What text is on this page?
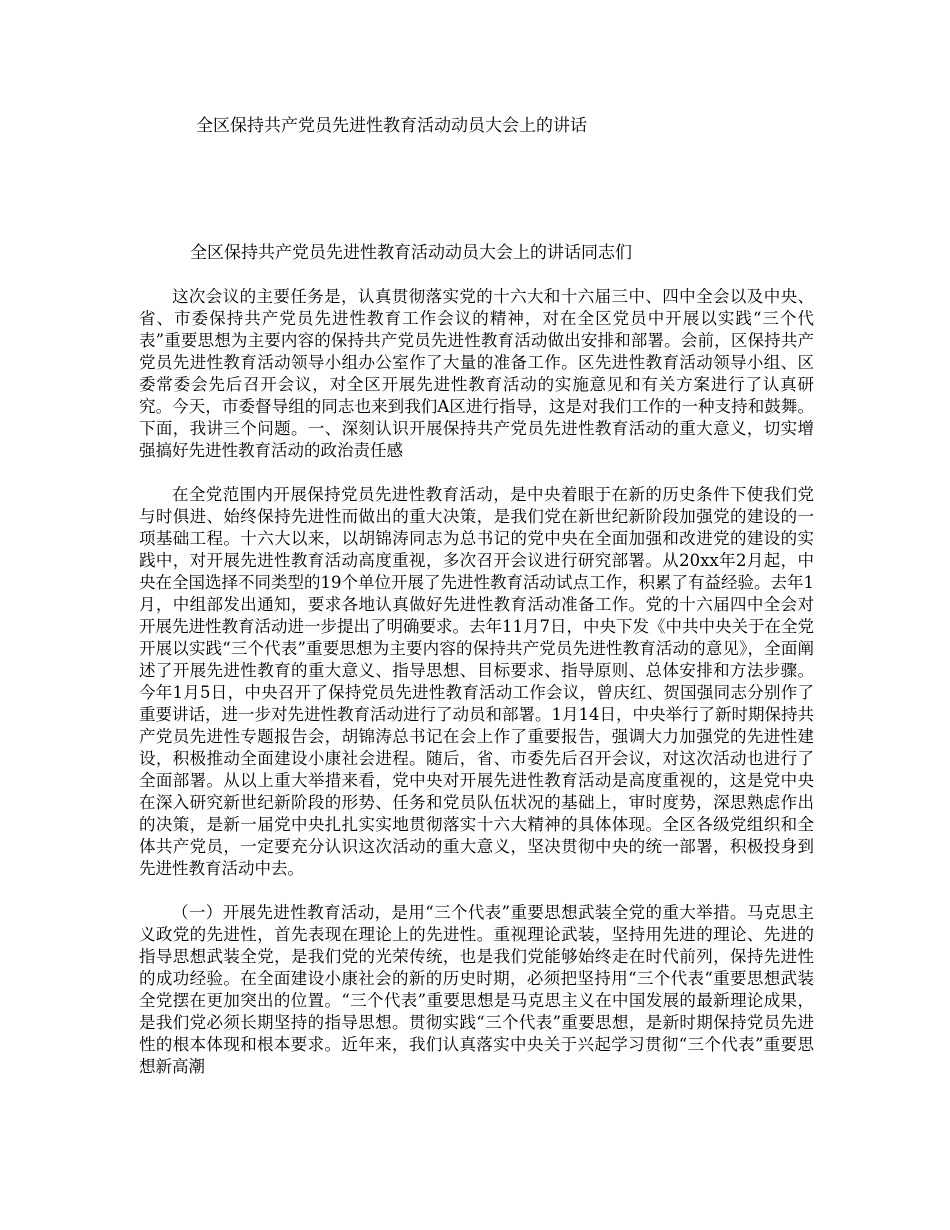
全区保持共产党员先进性教育活动动员大会上的讲话
全区保持共产党员先进性教育活动动员大会上的讲话同志们

这次会议的主要任务是，认真贯彻落实党的十六大和十六届三中、四中全会以及中央、省、市委保持共产党员先进性教育工作会议的精神，对在全区党员中开展以实践“三个代表”重要思想为主要内容的保持共产党员先进性教育活动做出安排和部署。会前，区保持共产党员先进性教育活动领导小组办公室作了大量的准备工作。区先进性教育活动领导小组、区委常委会先后召开会议，对全区开展先进性教育活动的实施意见和有关方案进行了认真研究。今天，市委督导组的同志也来到我们A区进行指导，这是对我们工作的一种支持和鼓舞。下面，我讲三个问题。一、深刻认识开展保持共产党员先进性教育活动的重大意义，切实增强搞好先进性教育活动的政治责任感

在全党范围内开展保持党员先进性教育活动，是中央着眼于在新的历史条件下使我们党与时俱进、始终保持先进性而做出的重大决策，是我们党在新世纪新阶段加强党的建设的一项基础工程。十六大以来，以胡锦涛同志为总书记的党中央在全面加强和改进党的建设的实践中，对开展先进性教育活动高度重视，多次召开会议进行研究部署。从20xx年2月起，中央在全国选择不同类型的19个单位开展了先进性教育活动试点工作，积累了有益经验。去年1月，中组部发出通知，要求各地认真做好先进性教育活动准备工作。党的十六届四中全会对开展先进性教育活动进一步提出了明确要求。去年11月7日，中央下发《中共中央关于在全党开展以实践“三个代表”重要思想为主要内容的保持共产党员先进性教育活动的意见》，全面阐述了开展先进性教育的重大意义、指导思想、目标要求、指导原则、总体安排和方法步骤。今年1月5日，中央召开了保持党员先进性教育活动工作会议，曾庆红、贺国强同志分别作了重要讲话，进一步对先进性教育活动进行了动员和部署。1月14日，中央举行了新时期保持共产党员先进性专题报告会，胡锦涛总书记在会上作了重要报告，强调大力加强党的先进性建设，积极推动全面建设小康社会进程。随后，省、市委先后召开会议，对这次活动也进行了全面部署。从以上重大举措来看，党中央对开展先进性教育活动是高度重视的，这是党中央在深入研究新世纪新阶段的形势、任务和党员队伍状况的基础上，审时度势，深思熟虑作出的决策，是新一届党中央扎扎实实地贯彻落实十六大精神的具体体现。全区各级党组织和全体共产党员，一定要充分认识这次活动的重大意义，坚决贯彻中央的统一部署，积极投身到先进性教育活动中去。

（一）开展先进性教育活动，是用“三个代表”重要思想武装全党的重大举措。马克思主义政党的先进性，首先表现在理论上的先进性。重视理论武装，坚持用先进的理论、先进的指导思想武装全党，是我们党的光荣传统，也是我们党能够始终走在时代前列，保持先进性的成功经验。在全面建设小康社会的新的历史时期，必须把坚持用“三个代表“重要思想武装全党摆在更加突出的位置。“三个代表”重要思想是马克思主义在中国发展的最新理论成果，是我们党必须长期坚持的指导思想。贯彻实践“三个代表”重要思想，是新时期保持党员先进性的根本体现和根本要求。近年来，我们认真落实中央关于兴起学习贯彻“三个代表”重要思想新高潮
